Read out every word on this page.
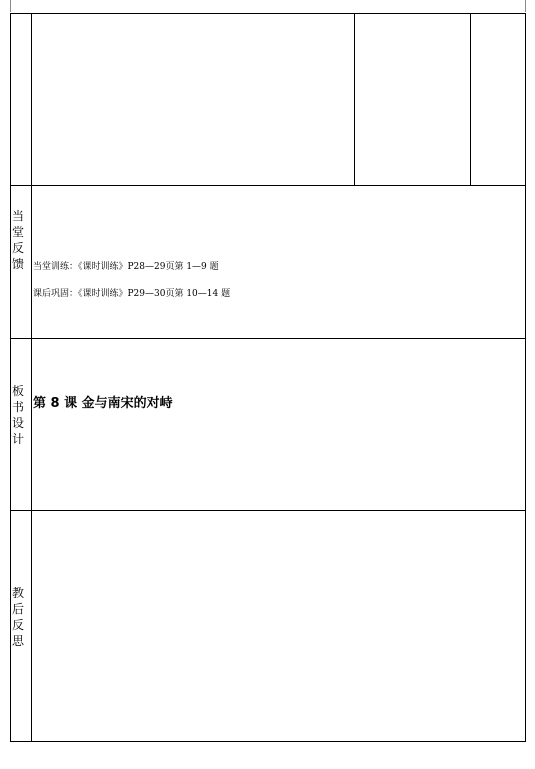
当堂反馈 当堂训练：《课时训练》P28—29页第 1—9 题
课后巩固：《课时训练》P29—30页第 10—14 题
板书设计
第 8 课 金与南宋的对峙
教后反思
